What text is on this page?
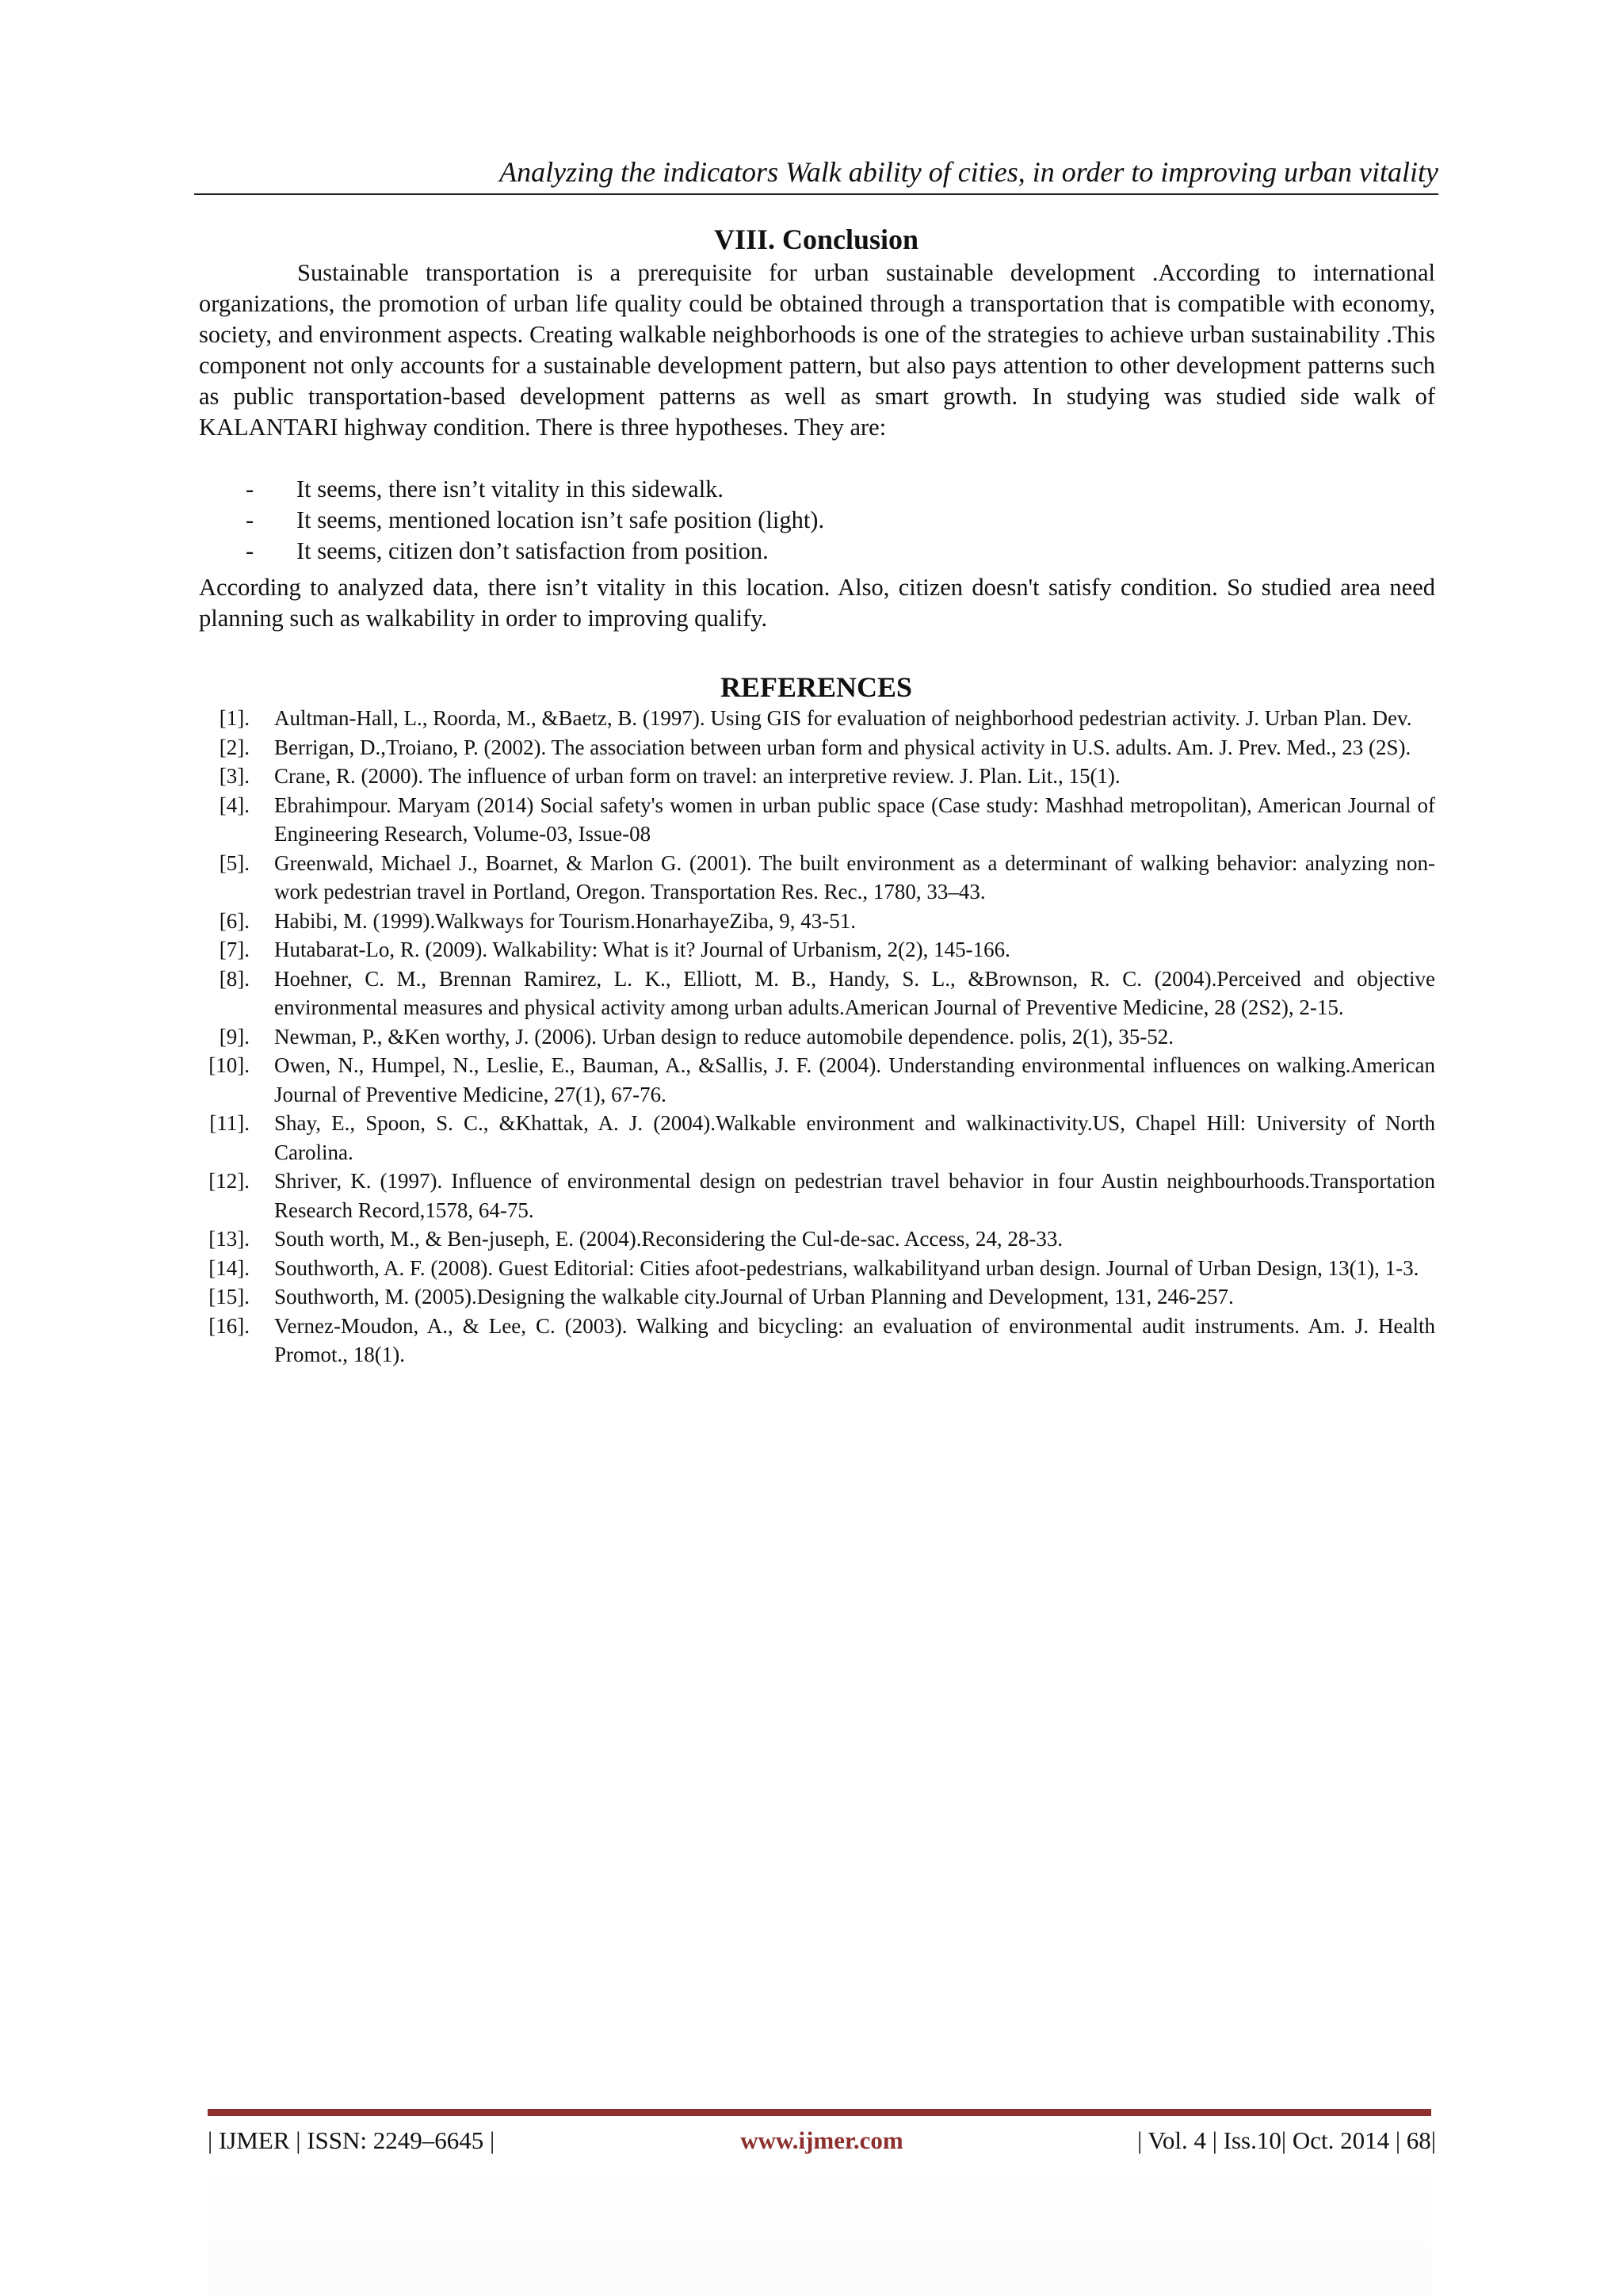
Analyzing the indicators Walk ability of cities, in order to improving urban vitality
VIII. Conclusion
Sustainable transportation is a prerequisite for urban sustainable development .According to international organizations, the promotion of urban life quality could be obtained through a transportation that is compatible with economy, society, and environment aspects. Creating walkable neighborhoods is one of the strategies to achieve urban sustainability .This component not only accounts for a sustainable development pattern, but also pays attention to other development patterns such as public transportation-based development patterns as well as smart growth. In studying was studied side walk of KALANTARI highway condition. There is three hypotheses. They are:
- It seems, there isn’t vitality in this sidewalk.
- It seems, mentioned location isn’t safe position (light).
- It seems, citizen don’t satisfaction from position.
According to analyzed data, there isn’t vitality in this location. Also, citizen doesn't satisfy condition. So studied area need planning such as walkability in order to improving qualify.
REFERENCES
[1]. Aultman-Hall, L., Roorda, M., &Baetz, B. (1997). Using GIS for evaluation of neighborhood pedestrian activity. J. Urban Plan. Dev.
[2]. Berrigan, D.,Troiano, P. (2002). The association between urban form and physical activity in U.S. adults. Am. J. Prev. Med., 23 (2S).
[3]. Crane, R. (2000). The influence of urban form on travel: an interpretive review. J. Plan. Lit., 15(1).
[4]. Ebrahimpour. Maryam (2014) Social safety's women in urban public space (Case study: Mashhad metropolitan), American Journal of Engineering Research, Volume-03, Issue-08
[5]. Greenwald, Michael J., Boarnet, & Marlon G. (2001). The built environment as a determinant of walking behavior: analyzing non-work pedestrian travel in Portland, Oregon. Transportation Res. Rec., 1780, 33–43.
[6]. Habibi, M. (1999).Walkways for Tourism.HonarhayeZiba, 9, 43-51.
[7]. Hutabarat-Lo, R. (2009). Walkability: What is it? Journal of Urbanism, 2(2), 145-166.
[8]. Hoehner, C. M., Brennan Ramirez, L. K., Elliott, M. B., Handy, S. L., &Brownson, R. C. (2004).Perceived and objective environmental measures and physical activity among urban adults.American Journal of Preventive Medicine, 28 (2S2), 2-15.
[9]. Newman, P., &Ken worthy, J. (2006). Urban design to reduce automobile dependence. polis, 2(1), 35-52.
[10]. Owen, N., Humpel, N., Leslie, E., Bauman, A., &Sallis, J. F. (2004). Understanding environmental influences on walking.American Journal of Preventive Medicine, 27(1), 67-76.
[11]. Shay, E., Spoon, S. C., &Khattak, A. J. (2004).Walkable environment and walkinactivity.US, Chapel Hill: University of North Carolina.
[12]. Shriver, K. (1997). Influence of environmental design on pedestrian travel behavior in four Austin neighbourhoods.Transportation Research Record,1578, 64-75.
[13]. South worth, M., & Ben-juseph, E. (2004).Reconsidering the Cul-de-sac. Access, 24, 28-33.
[14]. Southworth, A. F. (2008). Guest Editorial: Cities afoot-pedestrians, walkabilityand urban design. Journal of Urban Design, 13(1), 1-3.
[15]. Southworth, M. (2005).Designing the walkable city.Journal of Urban Planning and Development, 131, 246-257.
[16]. Vernez-Moudon, A., & Lee, C. (2003). Walking and bicycling: an evaluation of environmental audit instruments. Am. J. Health Promot., 18(1).
| IJMER | ISSN: 2249–6645 |	www.ijmer.com	| Vol. 4 | Iss.10| Oct. 2014 | 68|
